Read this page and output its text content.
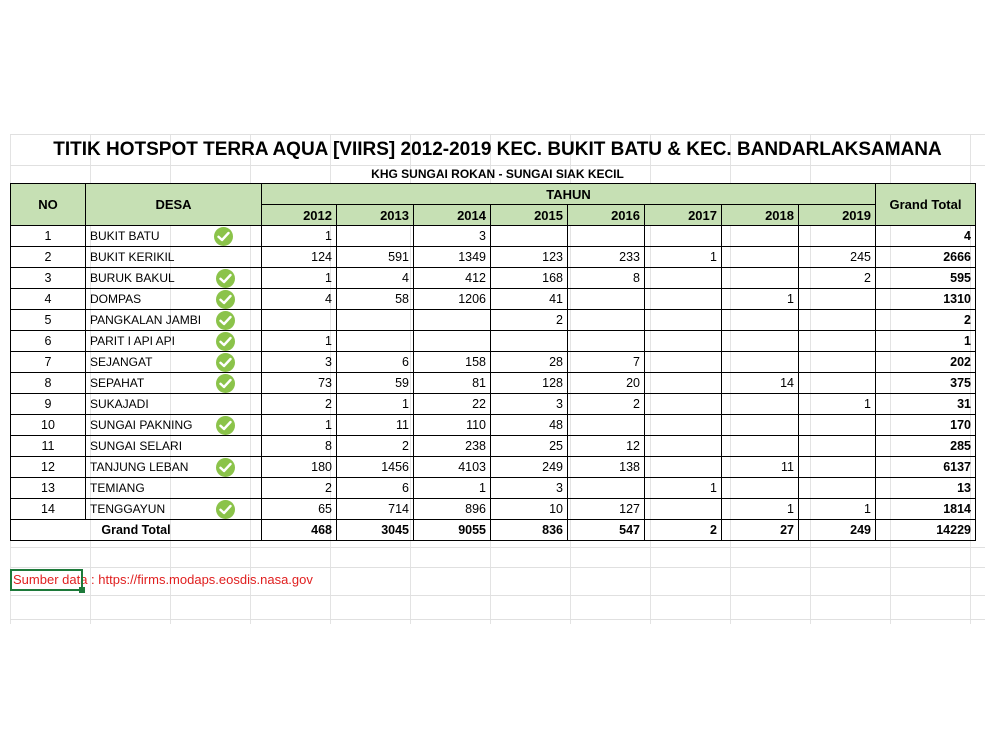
TITIK HOTSPOT TERRA AQUA [VIIRS] 2012-2019 KEC. BUKIT BATU & KEC. BANDARLAKSAMANA
KHG SUNGAI ROKAN - SUNGAI SIAK KECIL
NO	DESA	TAHUN								Grand Total
		2012	2013	2014	2015	2016	2017	2018	2019	
1	BUKIT BATU	1		3						4
2	BUKIT KERIKIL	124	591	1349	123	233	1		245	2666
3	BURUK BAKUL	1	4	412	168	8			2	595
4	DOMPAS	4	58	1206	41			1		1310
5	PANGKALAN JAMBI				2					2
6	PARIT I API API	1								1
7	SEJANGAT	3	6	158	28	7				202
8	SEPAHAT	73	59	81	128	20		14		375
9	SUKAJADI	2	1	22	3	2			1	31
10	SUNGAI PAKNING	1	11	110	48					170
11	SUNGAI SELARI	8	2	238	25	12				285
12	TANJUNG LEBAN	180	1456	4103	249	138		11		6137
13	TEMIANG	2	6	1	3		1			13
14	TENGGAYUN	65	714	896	10	127		1	1	1814
Grand Total		468	3045	9055	836	547	2	27	249	14229
Sumber data : https://firms.modaps.eosdis.nasa.gov
